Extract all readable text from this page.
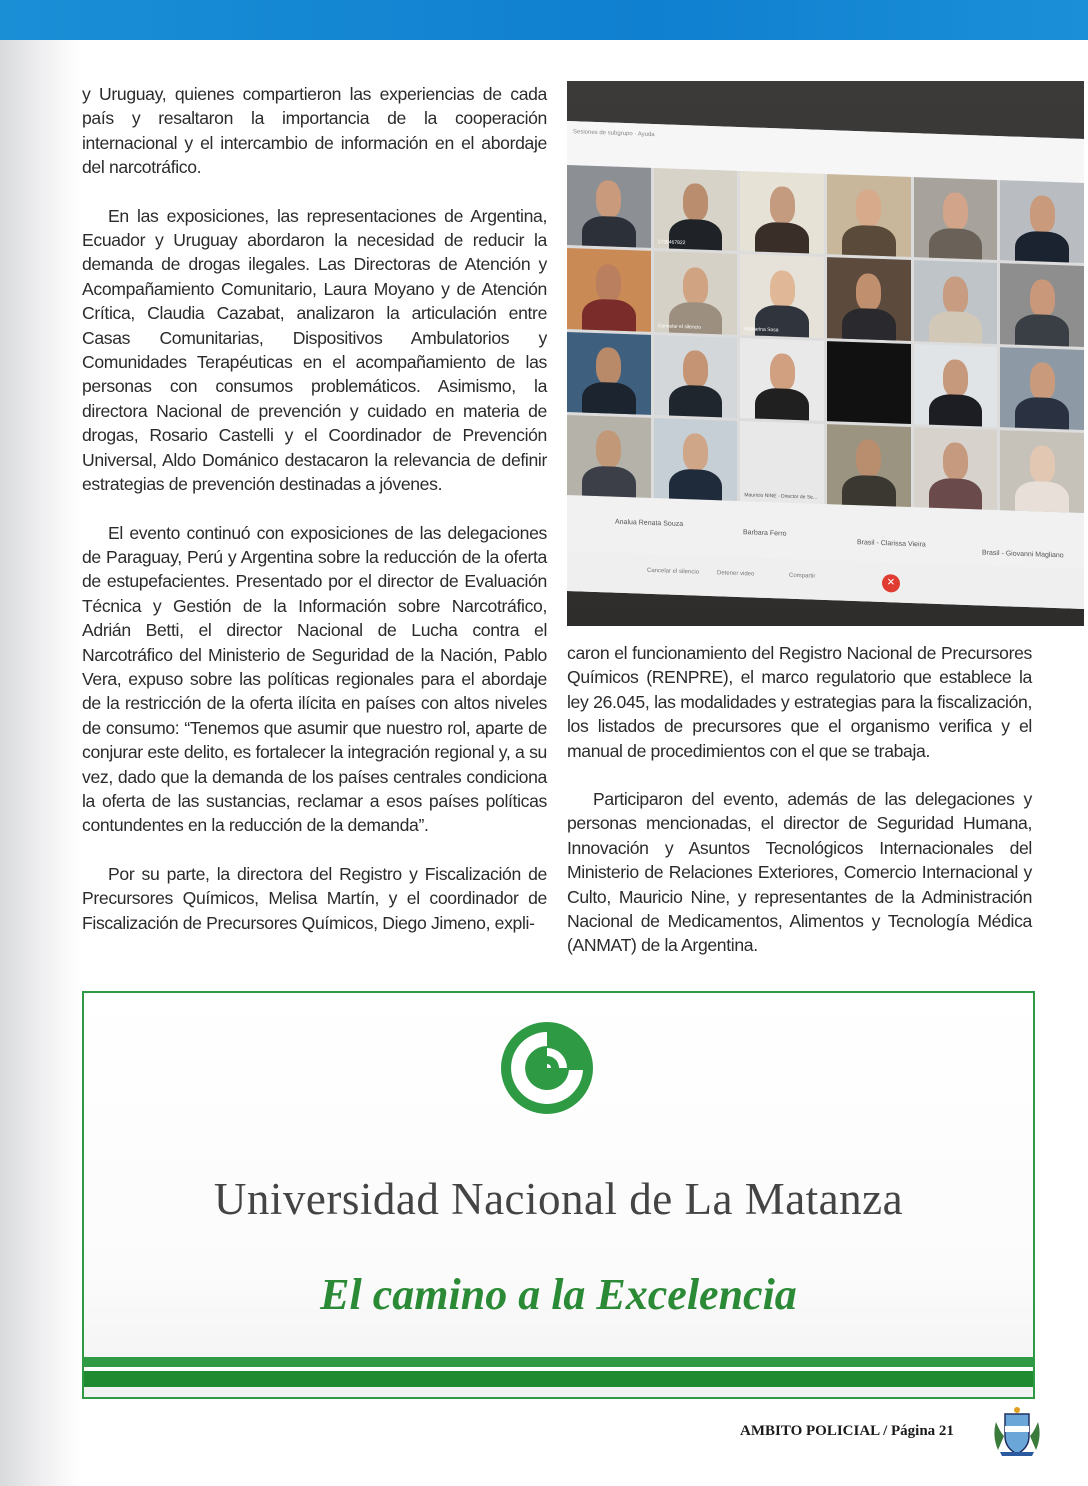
y Uruguay, quienes compartieron las experiencias de cada país y resaltaron la importancia de la cooperación internacional y el intercambio de información en el abordaje del narcotráfico.

En las exposiciones, las representaciones de Argentina, Ecuador y Uruguay abordaron la necesidad de reducir la demanda de drogas ilegales. Las Directoras de Atención y Acompañamiento Comunitario, Laura Moyano y de Atención Crítica, Claudia Cazabat, analizaron la articulación entre Casas Comunitarias, Dispositivos Ambulatorios y Comunidades Terapéuticas en el acompañamiento de las personas con consumos problemáticos. Asimismo, la directora Nacional de prevención y cuidado en materia de drogas, Rosario Castelli y el Coordinador de Prevención Universal, Aldo Dománico destacaron la relevancia de definir estrategias de prevención destinadas a jóvenes.

El evento continuó con exposiciones de las delegaciones de Paraguay, Perú y Argentina sobre la reducción de la oferta de estupefacientes. Presentado por el director de Evaluación Técnica y Gestión de la Información sobre Narcotráfico, Adrián Betti, el director Nacional de Lucha contra el Narcotráfico del Ministerio de Seguridad de la Nación, Pablo Vera, expuso sobre las políticas regionales para el abordaje de la restricción de la oferta ilícita en países con altos niveles de consumo: “Tenemos que asumir que nuestro rol, aparte de conjurar este delito, es fortalecer la integración regional y, a su vez, dado que la demanda de los países centrales condiciona la oferta de las sustancias, reclamar a esos países políticas contundentes en la reducción de la demanda”.

Por su parte, la directora del Registro y Fiscalización de Precursores Químicos, Melisa Martín, y el coordinador de Fiscalización de Precursores Químicos, Diego Jimeno, expli-

Sesiones de subgrupo · Ayuda
1739467822
Cancelar el silencio	Katharina Sosa
Mauricio NINE - Director de Se...
Analua Renata Souza
Barbara Ferro
Brasil - Clarissa Vieira
Brasil - Giovanni Magliano
Cancelar el silencio	Detener video	Compartir
✕

caron el funcionamiento del Registro Nacional de Precursores Químicos (RENPRE), el marco regulatorio que establece la ley 26.045, las modalidades y estrategias para la fiscalización, los listados de precursores que el organismo verifica y el manual de procedimientos con el que se trabaja.

Participaron del evento, además de las delegaciones y personas mencionadas, el director de Seguridad Humana, Innovación y Asuntos Tecnológicos Internacionales del Ministerio de Relaciones Exteriores, Comercio Internacional y Culto, Mauricio Nine, y representantes de la Administración Nacional de Medicamentos, Alimentos y Tecnología Médica (ANMAT) de la Argentina.

Universidad Nacional de La Matanza
El camino a la Excelencia
AMBITO POLICIAL / Página 21
